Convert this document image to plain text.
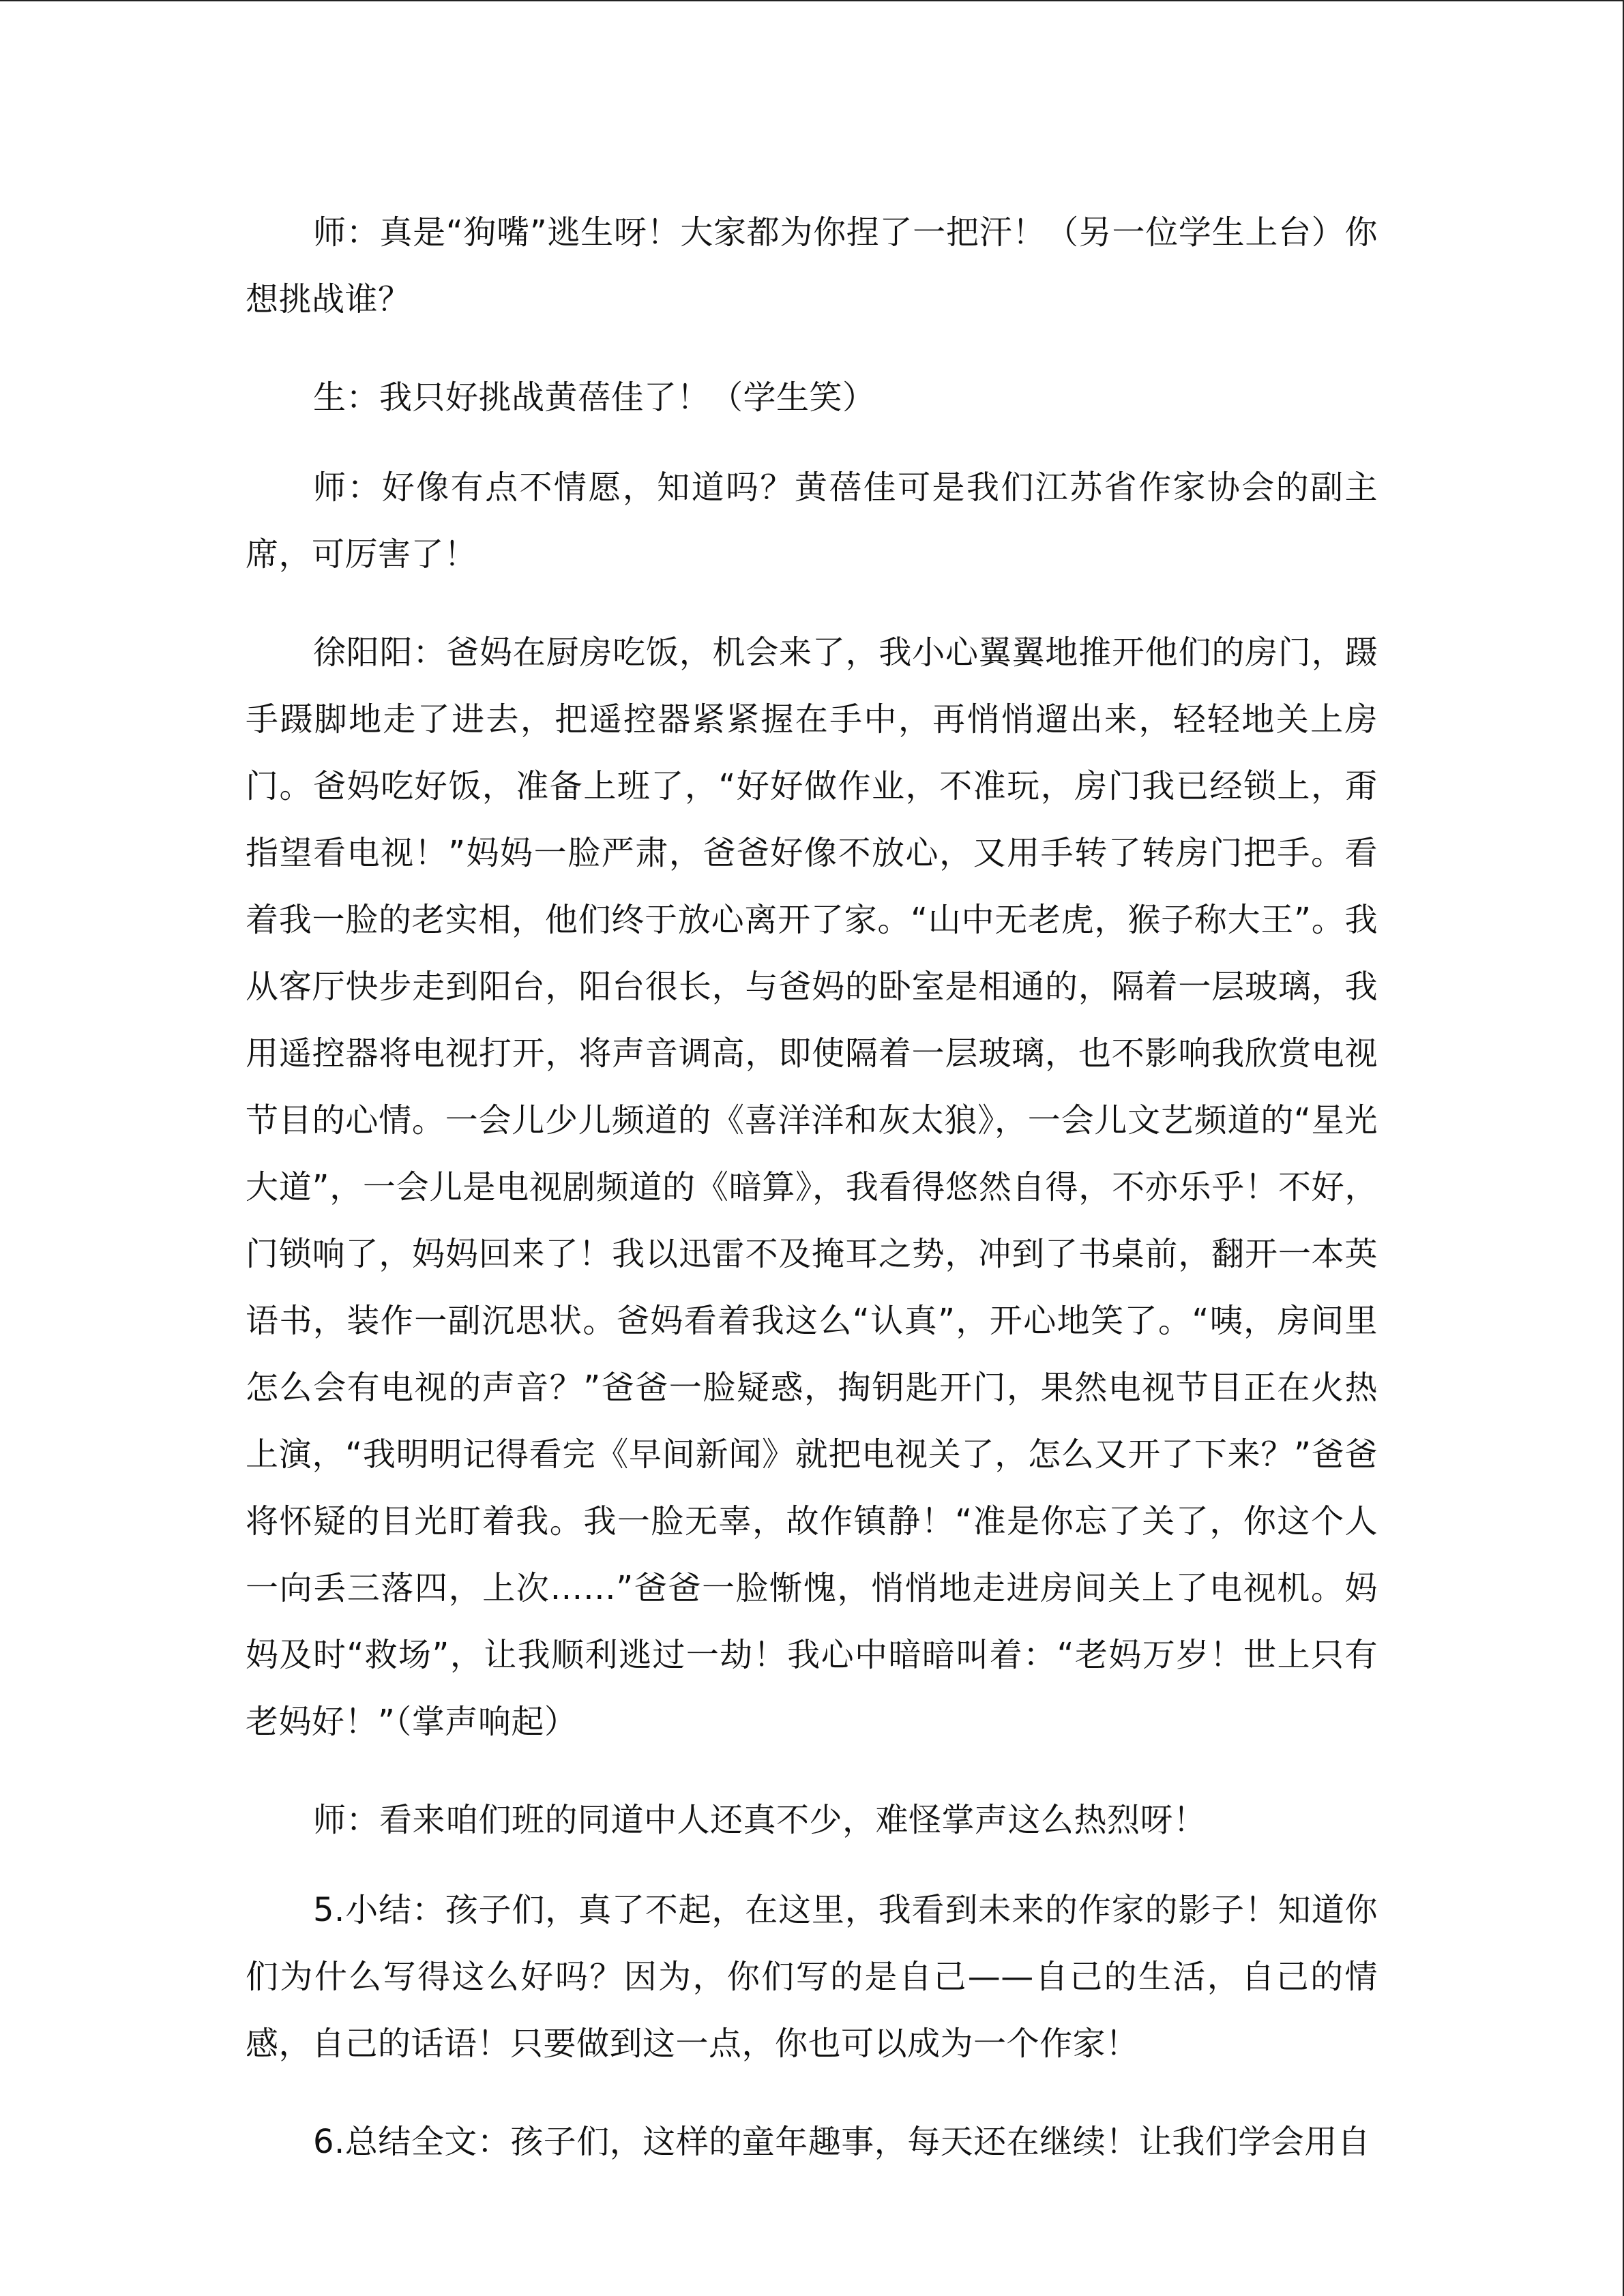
师：真是“狗嘴”逃生呀！大家都为你捏了一把汗！（另一位学生上台）你想挑战谁？

生：我只好挑战黄蓓佳了！（学生笑）

师：好像有点不情愿，知道吗？黄蓓佳可是我们江苏省作家协会的副主席，可厉害了！

徐阳阳：爸妈在厨房吃饭，机会来了，我小心翼翼地推开他们的房门，蹑手蹑脚地走了进去，把遥控器紧紧握在手中，再悄悄遛出来，轻轻地关上房门。爸妈吃好饭，准备上班了，“好好做作业，不准玩，房门我已经锁上，甭指望看电视！”妈妈一脸严肃，爸爸好像不放心，又用手转了转房门把手。看着我一脸的老实相，他们终于放心离开了家。“山中无老虎，猴子称大王”。我从客厅快步走到阳台，阳台很长，与爸妈的卧室是相通的，隔着一层玻璃，我用遥控器将电视打开，将声音调高，即使隔着一层玻璃，也不影响我欣赏电视节目的心情。一会儿少儿频道的《喜洋洋和灰太狼》，一会儿文艺频道的“星光大道”，一会儿是电视剧频道的《暗算》，我看得悠然自得，不亦乐乎！不好，门锁响了，妈妈回来了！我以迅雷不及掩耳之势，冲到了书桌前，翻开一本英语书，装作一副沉思状。爸妈看着我这么“认真”，开心地笑了。“咦，房间里怎么会有电视的声音？”爸爸一脸疑惑，掏钥匙开门，果然电视节目正在火热上演，“我明明记得看完《早间新闻》就把电视关了，怎么又开了下来？”爸爸将怀疑的目光盯着我。我一脸无辜，故作镇静！“准是你忘了关了，你这个人一向丢三落四，上次……”爸爸一脸惭愧，悄悄地走进房间关上了电视机。妈妈及时“救场”，让我顺利逃过一劫！我心中暗暗叫着：“老妈万岁！世上只有老妈好！”（掌声响起）

师：看来咱们班的同道中人还真不少，难怪掌声这么热烈呀！

5.小结：孩子们，真了不起，在这里，我看到未来的作家的影子！知道你们为什么写得这么好吗？因为，你们写的是自己——自己的生活，自己的情感，自己的话语！只要做到这一点，你也可以成为一个作家！

6.总结全文：孩子们，这样的童年趣事，每天还在继续！让我们学会用自
